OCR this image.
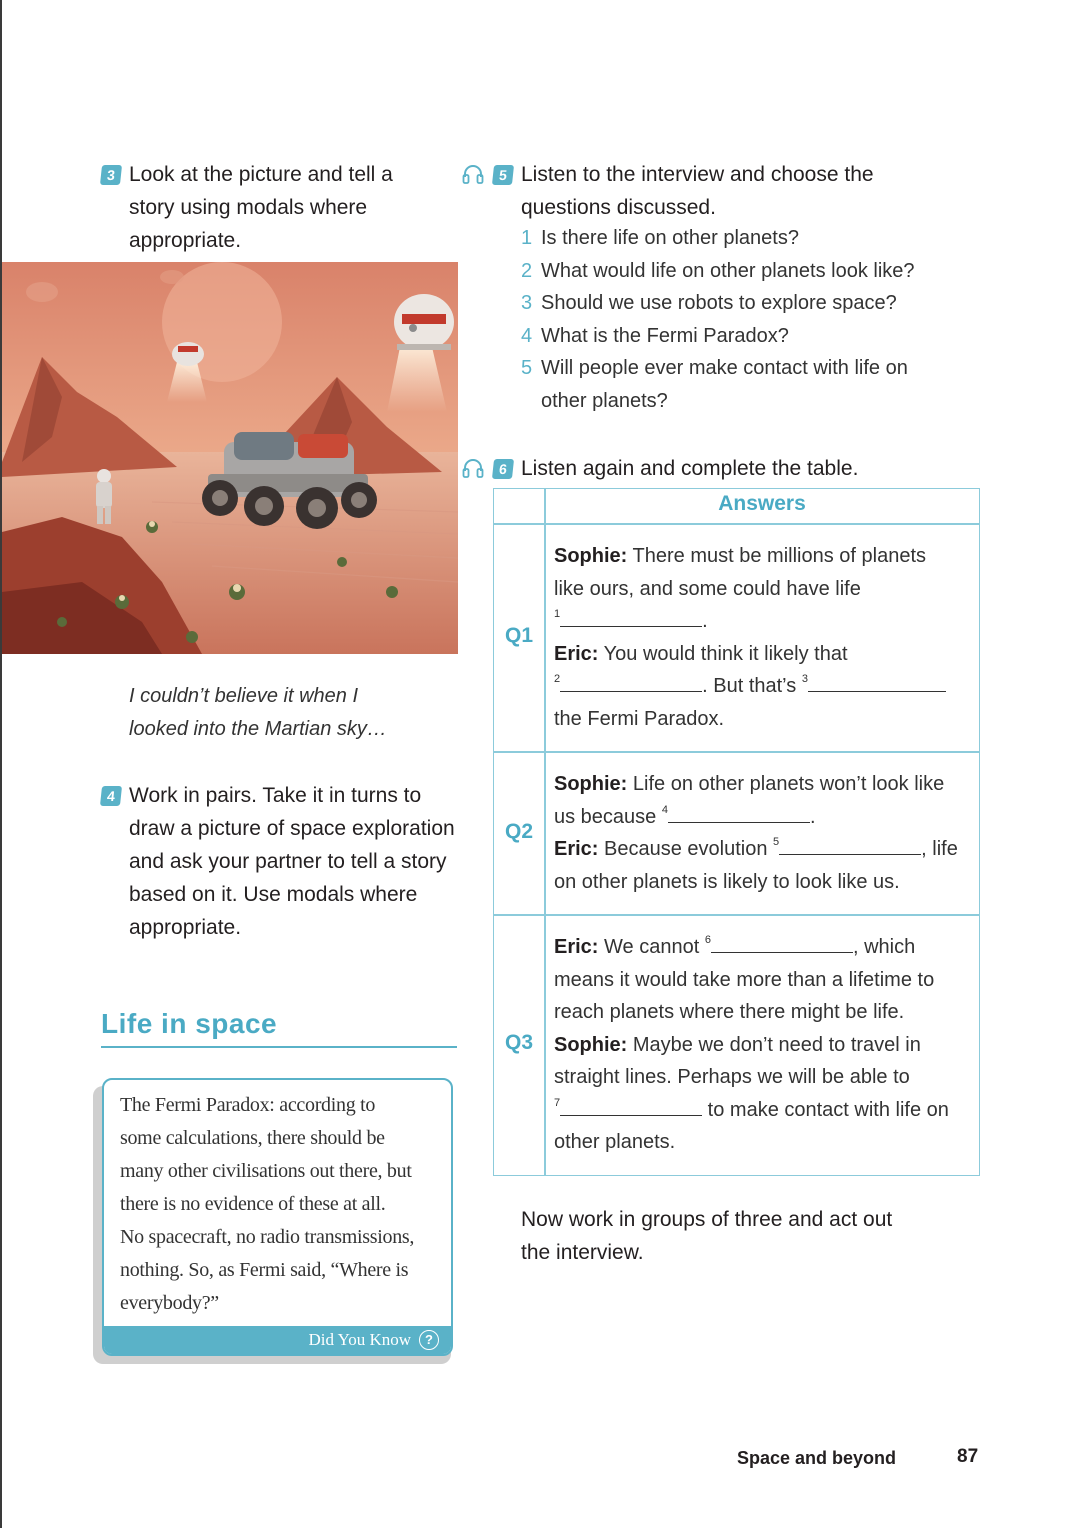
3 Look at the picture and tell a story using modals where appropriate.
I couldn’t believe it when I
looked into the Martian sky…
4 Work in pairs. Take it in turns to draw a picture of space exploration and ask your partner to tell a story based on it. Use modals where appropriate.
Life in space
The Fermi Paradox: according to
some calculations, there should be
many other civilisations out there, but
there is no evidence of these at all.
No spacecraft, no radio transmissions,
nothing. So, as Fermi said, “Where is
everybody?”
Did You Know	?
5 Listen to the interview and choose the
questions discussed.
1 Is there life on other planets?
2 What would life on other planets look like?
3 Should we use robots to explore space?
4 What is the Fermi Paradox?
5 Will people ever make contact with life on
other planets?
6 Listen again and complete the table.
Answers
Q1
Sophie: There must be millions of planets
like ours, and some could have life
$^1$	.
Eric: You would think it likely that
$^2$	. But that’s $^3$
the Fermi Paradox.
Q2
Sophie: Life on other planets won’t look like
us because $^4$	.
Eric: Because evolution $^5$	, life
on other planets is likely to look like us.
Q3
Eric: We cannot $^6$	, which
means it would take more than a lifetime to
reach planets where there might be life.
Sophie: Maybe we don’t need to travel in
straight lines. Perhaps we will be able to
$^7$	to make contact with life on
other planets.
Now work in groups of three and act out
the interview.
Space and beyond	87
